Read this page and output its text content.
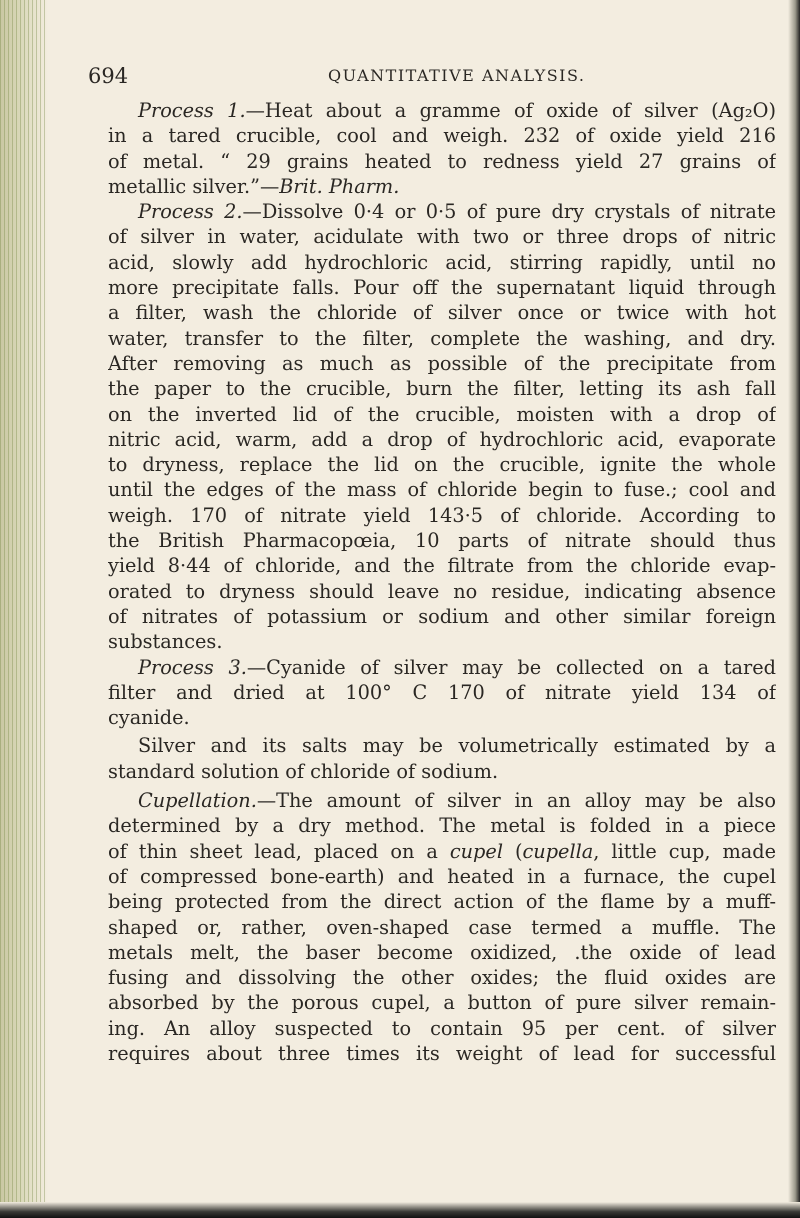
694	QUANTITATIVE ANALYSIS.
Process 1.—Heat about a gramme of oxide of silver (Ag₂O)
in a tared crucible, cool and weigh. 232 of oxide yield 216
of metal. “ 29 grains heated to redness yield 27 grains of
metallic silver.”—Brit. Pharm.
Process 2.—Dissolve 0·4 or 0·5 of pure dry crystals of nitrate
of silver in water, acidulate with two or three drops of nitric
acid, slowly add hydrochloric acid, stirring rapidly, until no
more precipitate falls. Pour off the supernatant liquid through
a filter, wash the chloride of silver once or twice with hot
water, transfer to the filter, complete the washing, and dry.
After removing as much as possible of the precipitate from
the paper to the crucible, burn the filter, letting its ash fall
on the inverted lid of the crucible, moisten with a drop of
nitric acid, warm, add a drop of hydrochloric acid, evaporate
to dryness, replace the lid on the crucible, ignite the whole
until the edges of the mass of chloride begin to fuse.; cool and
weigh. 170 of nitrate yield 143·5 of chloride. According to
the British Pharmacopœia, 10 parts of nitrate should thus
yield 8·44 of chloride, and the filtrate from the chloride evap-
orated to dryness should leave no residue, indicating absence
of nitrates of potassium or sodium and other similar foreign
substances.
Process 3.—Cyanide of silver may be collected on a tared
filter and dried at 100° C 170 of nitrate yield 134 of
cyanide.
Silver and its salts may be volumetrically estimated by a
standard solution of chloride of sodium.
Cupellation.—The amount of silver in an alloy may be also
determined by a dry method. The metal is folded in a piece
of thin sheet lead, placed on a cupel (cupella, little cup, made
of compressed bone-earth) and heated in a furnace, the cupel
being protected from the direct action of the flame by a muff-
shaped or, rather, oven-shaped case termed a muffle. The
metals melt, the baser become oxidized, .the oxide of lead
fusing and dissolving the other oxides; the fluid oxides are
absorbed by the porous cupel, a button of pure silver remain-
ing. An alloy suspected to contain 95 per cent. of silver
requires about three times its weight of lead for successful
